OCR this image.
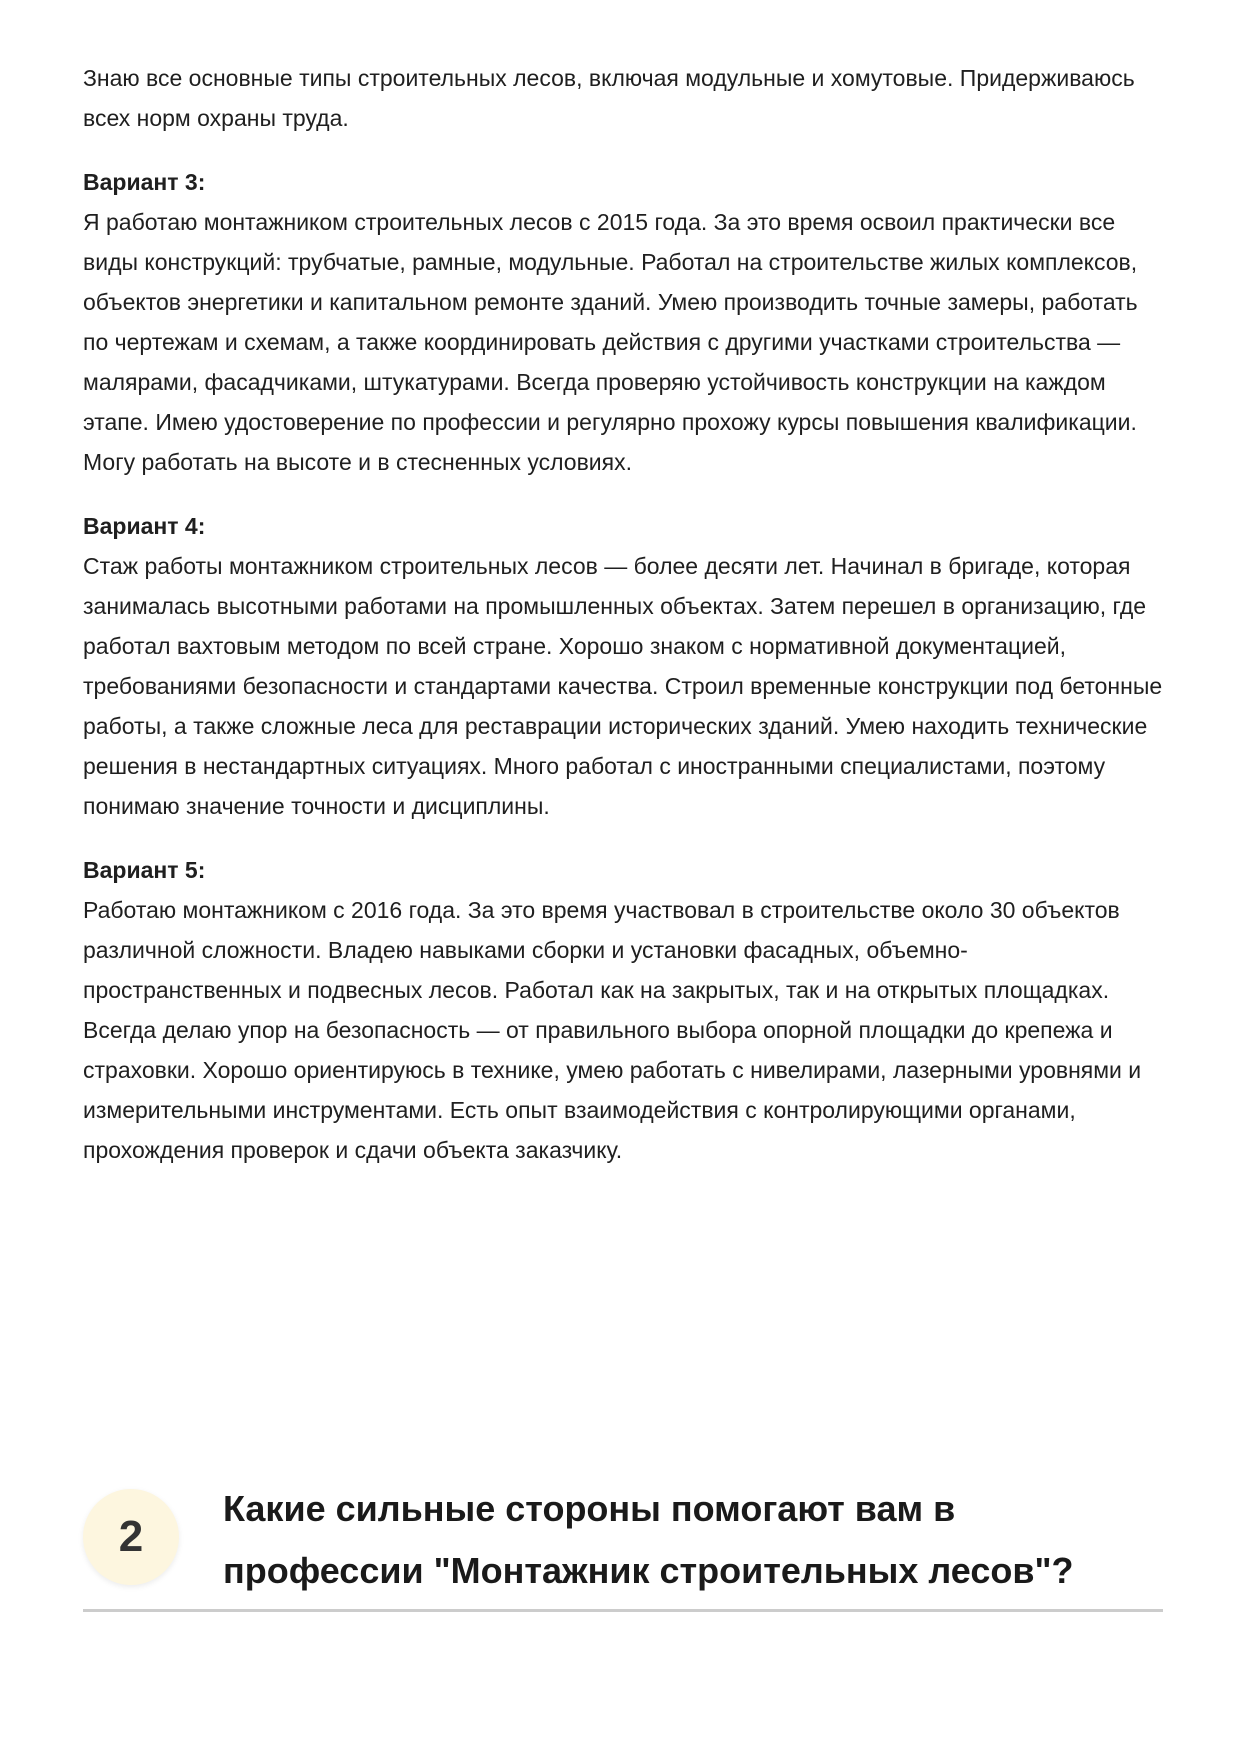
Знаю все основные типы строительных лесов, включая модульные и хомутовые. Придерживаюсь всех норм охраны труда.

Вариант 3:

Я работаю монтажником строительных лесов с 2015 года. За это время освоил практически все виды конструкций: трубчатые, рамные, модульные. Работал на строительстве жилых комплексов, объектов энергетики и капитальном ремонте зданий. Умею производить точные замеры, работать по чертежам и схемам, а также координировать действия с другими участками строительства — малярами, фасадчиками, штукатурами. Всегда проверяю устойчивость конструкции на каждом этапе. Имею удостоверение по профессии и регулярно прохожу курсы повышения квалификации. Могу работать на высоте и в стесненных условиях.

Вариант 4:

Стаж работы монтажником строительных лесов — более десяти лет. Начинал в бригаде, которая занималась высотными работами на промышленных объектах. Затем перешел в организацию, где работал вахтовым методом по всей стране. Хорошо знаком с нормативной документацией, требованиями безопасности и стандартами качества. Строил временные конструкции под бетонные работы, а также сложные леса для реставрации исторических зданий. Умею находить технические решения в нестандартных ситуациях. Много работал с иностранными специалистами, поэтому понимаю значение точности и дисциплины.

Вариант 5:

Работаю монтажником с 2016 года. За это время участвовал в строительстве около 30 объектов различной сложности. Владею навыками сборки и установки фасадных, объемно-пространственных и подвесных лесов. Работал как на закрытых, так и на открытых площадках. Всегда делаю упор на безопасность — от правильного выбора опорной площадки до крепежа и страховки. Хорошо ориентируюсь в технике, умею работать с нивелирами, лазерными уровнями и измерительными инструментами. Есть опыт взаимодействия с контролирующими органами, прохождения проверок и сдачи объекта заказчику.

2
Какие сильные стороны помогают вам в профессии "Монтажник строительных лесов"?
